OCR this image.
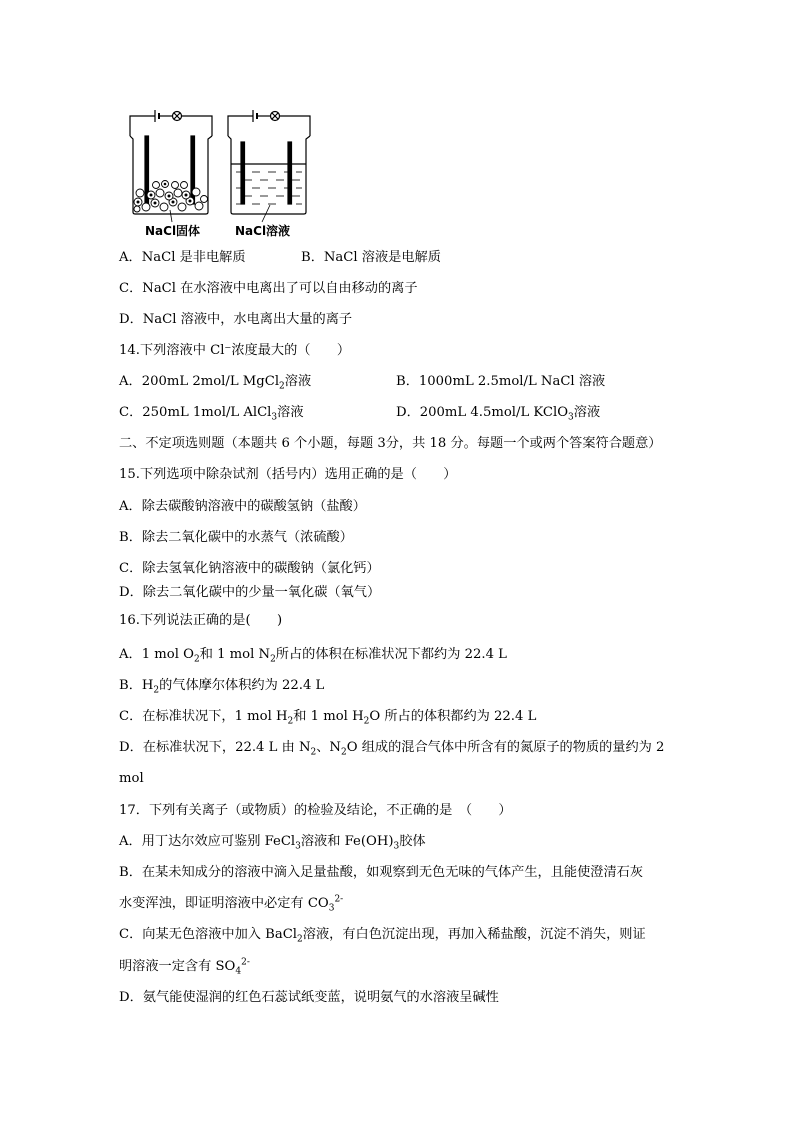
NaCl固体	NaCl溶液
A．NaCl 是非电解质	B．NaCl 溶液是电解质
C．NaCl 在水溶液中电离出了可以自由移动的离子
D．NaCl 溶液中，水电离出大量的离子
14.下列溶液中 Cl⁻浓度最大的（　　）
A．200mL 2mol/L MgCl$_2$溶液	B．1000mL 2.5mol/L NaCl 溶液
C．250mL 1mol/L AlCl$_3$溶液	D．200mL 4.5mol/L KClO$_3$溶液
二、不定项选则题（本题共 6 个小题，每题 3分，共 18 分。每题一个或两个答案符合题意）
15.下列选项中除杂试剂（括号内）选用正确的是（　　）
A．除去碳酸钠溶液中的碳酸氢钠（盐酸）
B．除去二氧化碳中的水蒸气（浓硫酸）
C．除去氢氧化钠溶液中的碳酸钠（氯化钙）
D．除去二氧化碳中的少量一氧化碳（氧气）
16.下列说法正确的是(　　)
A．1 mol $O_2$和 1 mol $N_2$所占的体积在标准状况下都约为 22.4 L
B．$H_2$的气体摩尔体积约为 22.4 L
C．在标准状况下，1 mol $H_2$和 1 mol $H_2O$ 所占的体积都约为 22.4 L
D．在标准状况下，22.4 L 由 $N_2$、$N_2O$ 组成的混合气体中所含有的氮原子的物质的量约为 2
mol
17．下列有关离子（或物质）的检验及结论，不正确的是　（　　）
A．用丁达尔效应可鉴别 FeCl$_3$溶液和 $Fe(OH)_3$胶体
B．在某未知成分的溶液中滴入足量盐酸，如观察到无色无味的气体产生，且能使澄清石灰
水变浑浊，即证明溶液中必定有 $CO_3^{2-}$
C．向某无色溶液中加入 BaCl$_2$溶液，有白色沉淀出现，再加入稀盐酸，沉淀不消失，则证
明溶液一定含有 $SO_4^{2-}$
D．氨气能使湿润的红色石蕊试纸变蓝，说明氨气的水溶液呈碱性
